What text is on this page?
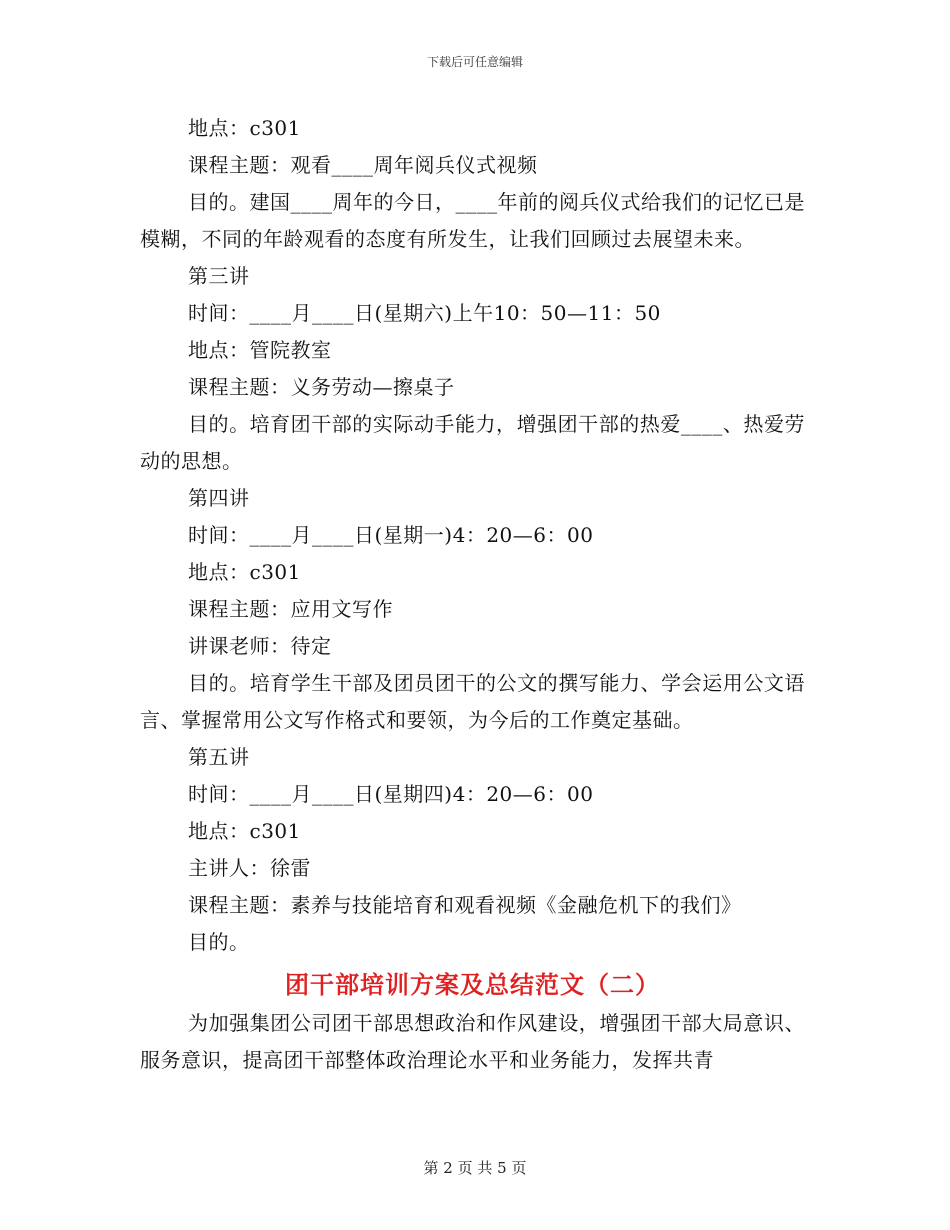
下载后可任意编辑
地点：c301
课程主题：观看____周年阅兵仪式视频

目的。建国____周年的今日，____年前的阅兵仪式给我们的记忆已是模糊，不同的年龄观看的态度有所发生，让我们回顾过去展望未来。

第三讲
时间：____月____日(星期六)上午10：50—11：50
地点：管院教室
课程主题：义务劳动—擦桌子

目的。培育团干部的实际动手能力，增强团干部的热爱____、热爱劳动的思想。

第四讲
时间：____月____日(星期一)4：20—6：00
地点：c301
课程主题：应用文写作
讲课老师：待定

目的。培育学生干部及团员团干的公文的撰写能力、学会运用公文语言、掌握常用公文写作格式和要领，为今后的工作奠定基础。

第五讲
时间：____月____日(星期四)4：20—6：00
地点：c301
主讲人：徐雷
课程主题：素养与技能培育和观看视频《金融危机下的我们》
目的。
团干部培训方案及总结范文（二）

为加强集团公司团干部思想政治和作风建设，增强团干部大局意识、服务意识，提高团干部整体政治理论水平和业务能力，发挥共青

第 2 页 共 5 页
